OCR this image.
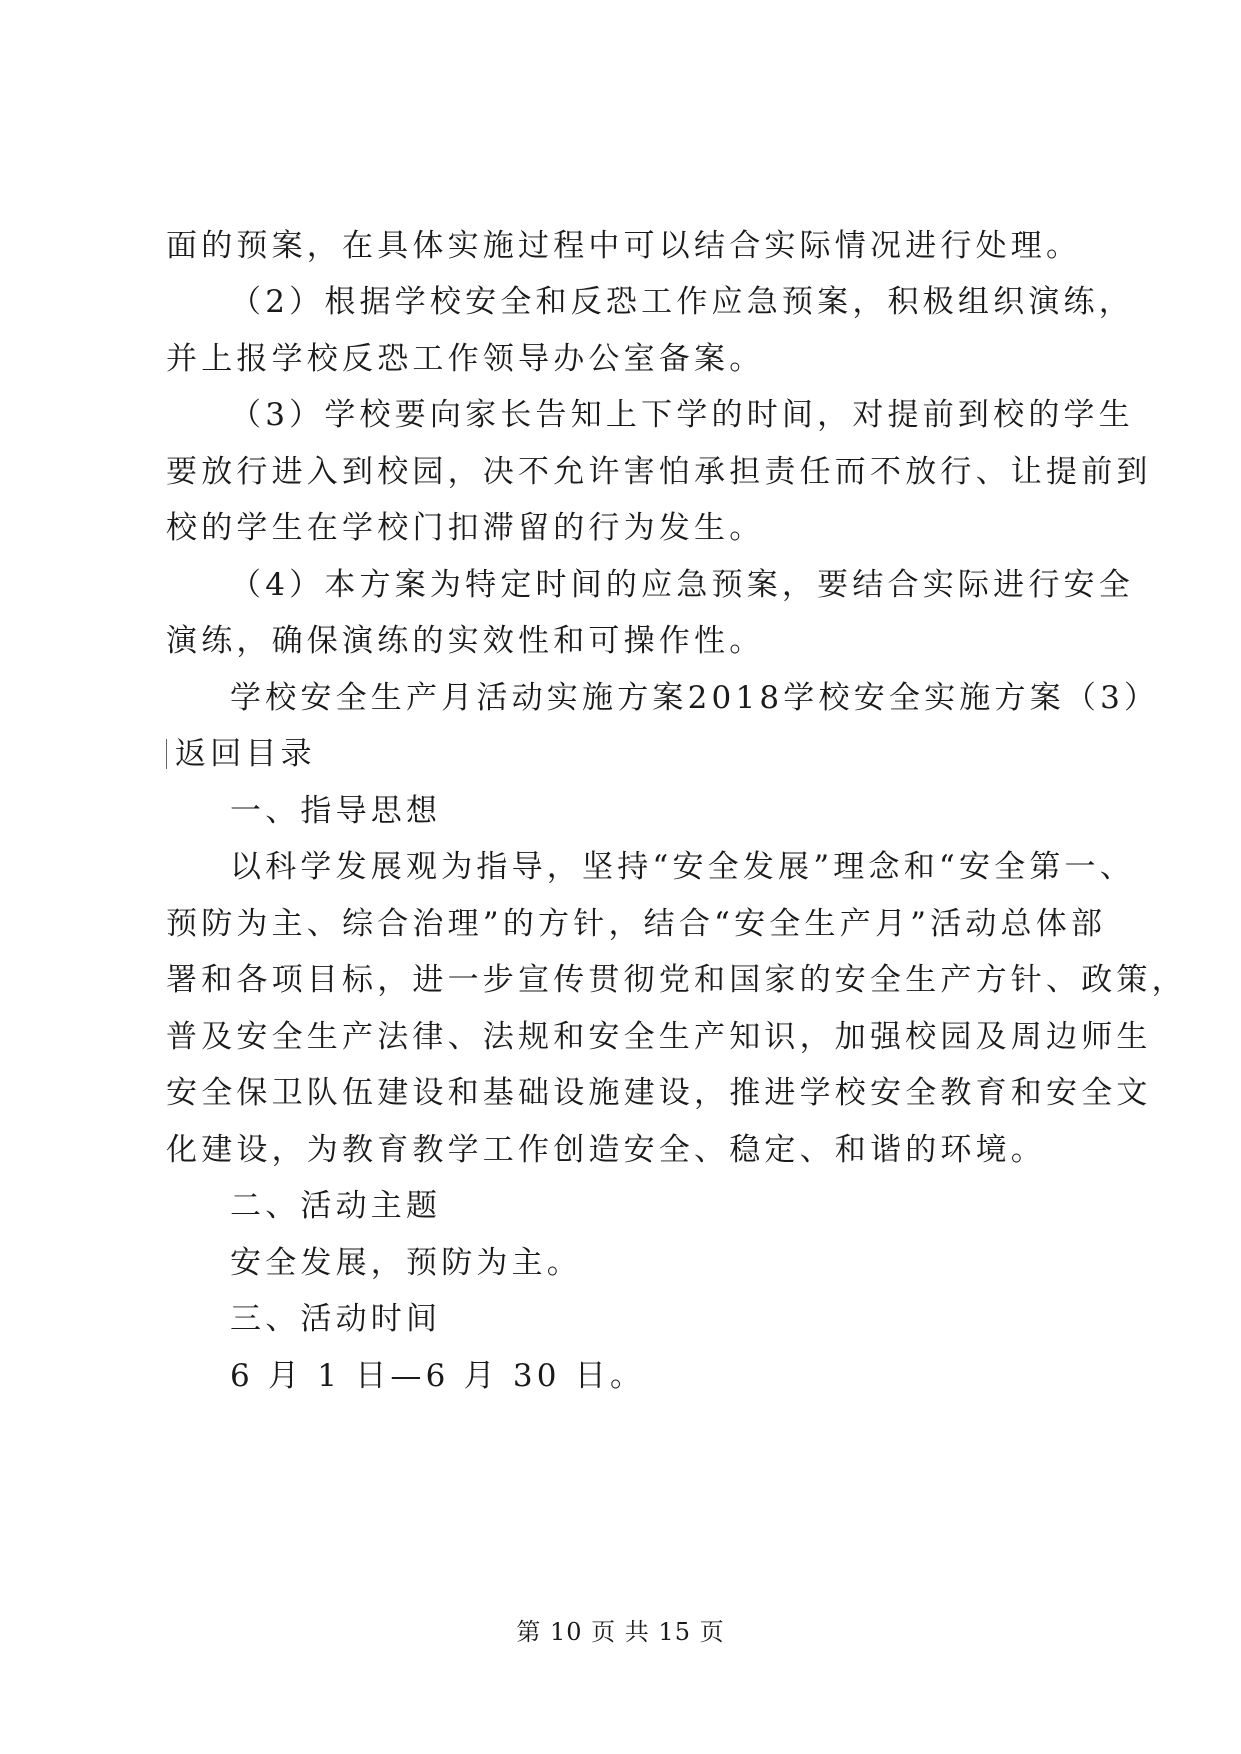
面的预案，在具体实施过程中可以结合实际情况进行处理。
（2）根据学校安全和反恐工作应急预案，积极组织演练，
并上报学校反恐工作领导办公室备案。
（3）学校要向家长告知上下学的时间，对提前到校的学生
要放行进入到校园，决不允许害怕承担责任而不放行、让提前到
校的学生在学校门扣滞留的行为发生。
（4）本方案为特定时间的应急预案，要结合实际进行安全
演练，确保演练的实效性和可操作性。
学校安全生产月活动实施方案2018学校安全实施方案（3）
返回目录
一、指导思想
以科学发展观为指导，坚持“安全发展”理念和“安全第一、
预防为主、综合治理”的方针，结合“安全生产月”活动总体部
署和各项目标，进一步宣传贯彻党和国家的安全生产方针、政策，
普及安全生产法律、法规和安全生产知识，加强校园及周边师生
安全保卫队伍建设和基础设施建设，推进学校安全教育和安全文
化建设，为教育教学工作创造安全、稳定、和谐的环境。
二、活动主题
安全发展，预防为主。
三、活动时间
6 月 1 日—6 月 30 日。
第 10 页 共 15 页
